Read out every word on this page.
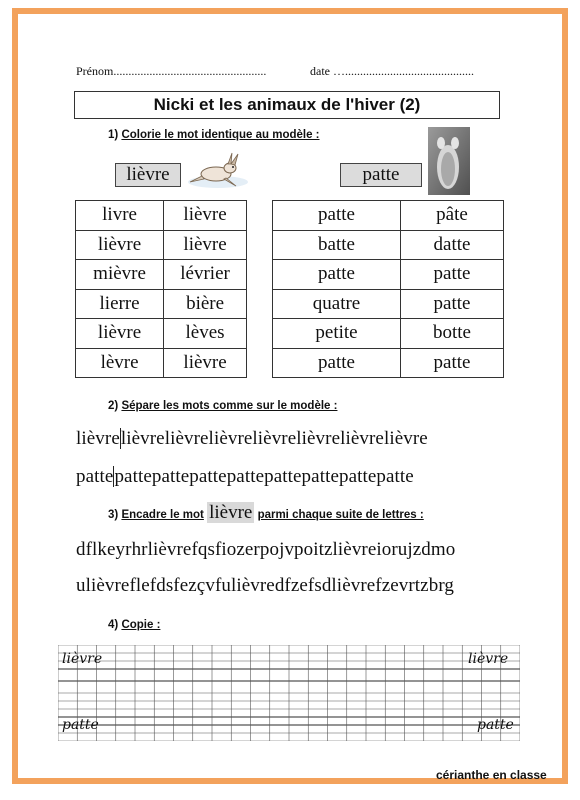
Prénom...................................................	date …...........................................
Nicki et les animaux de l'hiver (2)
1) Colorie le mot identique au modèle :
lièvre	patte
livre	lièvre
lièvre	lièvre
mièvre	lévrier
lierre	bière
lièvre	lèves
lèvre	lièvre
patte	pâte
batte	datte
patte	patte
quatre	patte
petite	botte
patte	patte
2) Sépare les mots comme sur le modèle :
lièvrelièvrelièvrelièvrelièvrelièvrelièvrelièvre
pattepattepattepattepattepattepattepattepatte
3) Encadre le mot lièvre parmi chaque suite de lettres :
dflkeyrhrlièvrefqsfiozerpojvpoitzlièvreiorujzdmo
ulièvreflefdsfezçvfulièvredfzefsdlièvrefzevrtzbrg
4) Copie :
lièvre	lièvre
patte	patte
cérianthe en classe
